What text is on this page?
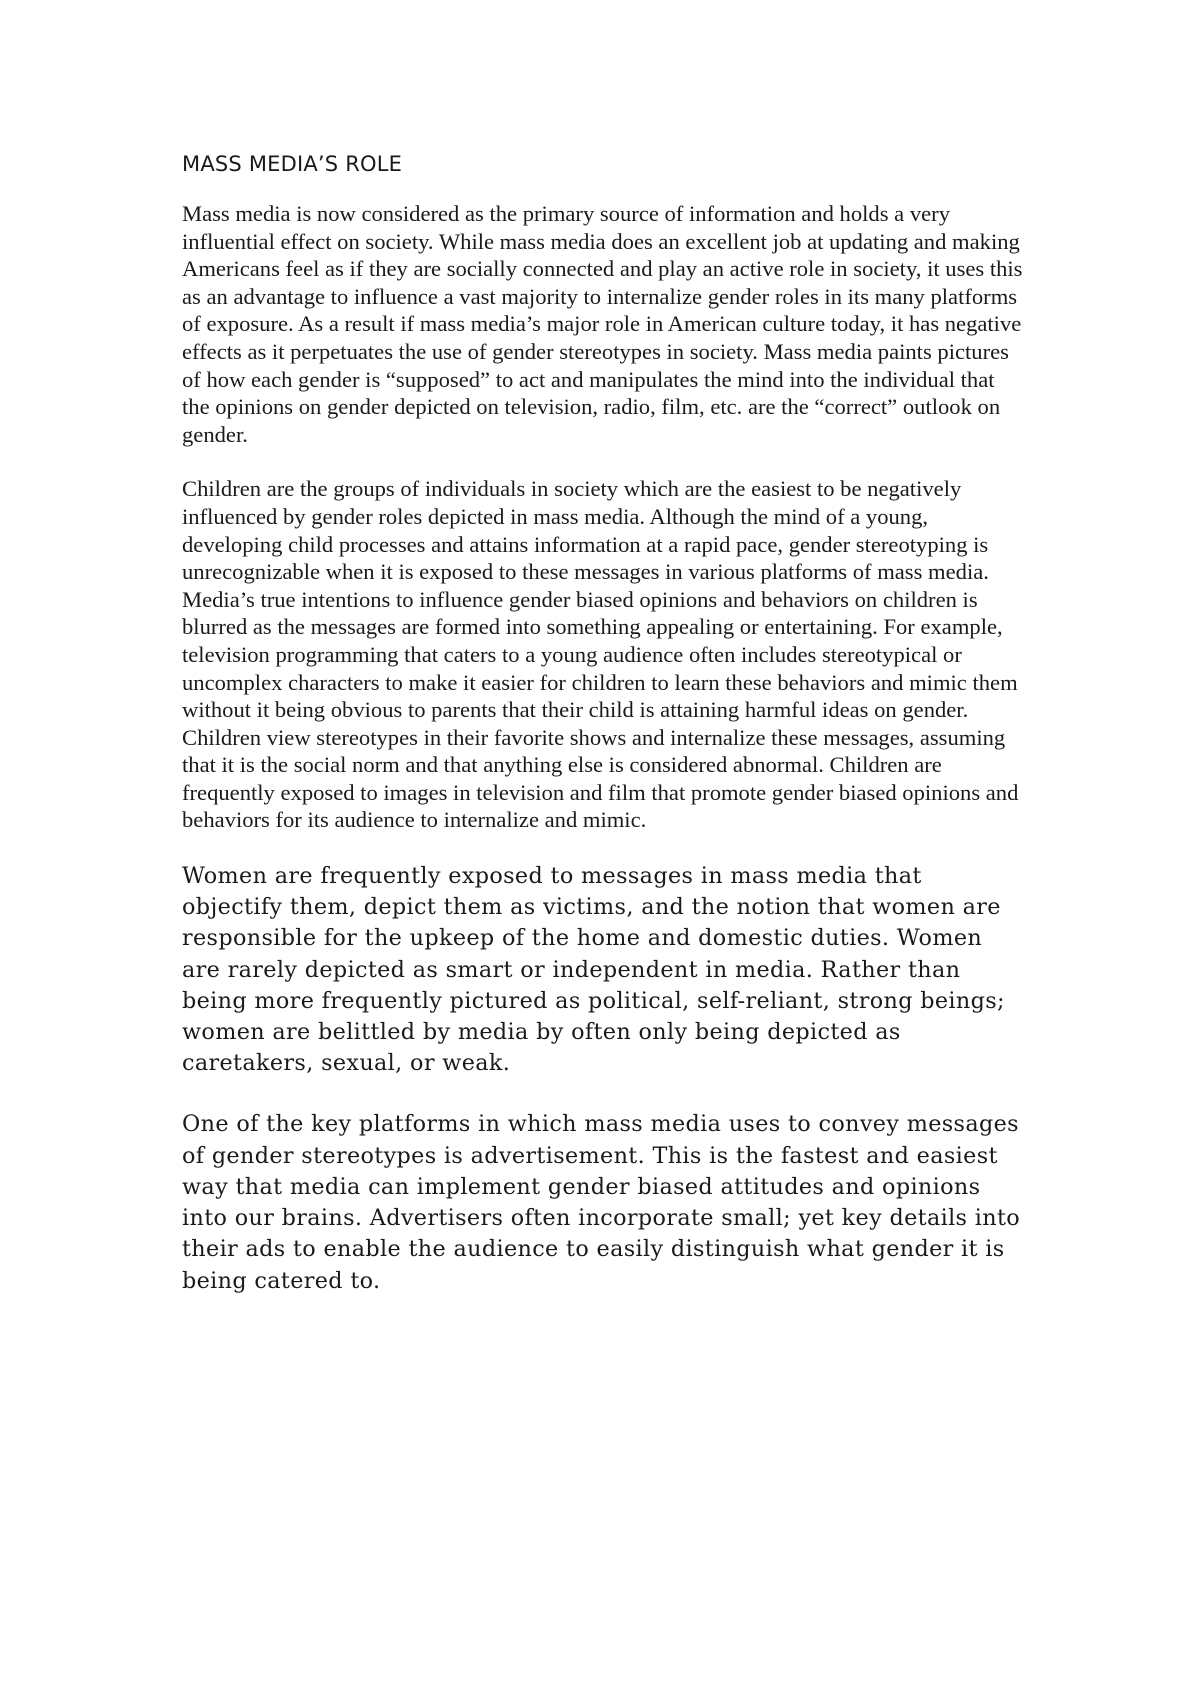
MASS MEDIA’S ROLE

Mass media is now considered as the primary source of information and holds a very influential effect on society. While mass media does an excellent job at updating and making Americans feel as if they are socially connected and play an active role in society, it uses this as an advantage to influence a vast majority to internalize gender roles in its many platforms of exposure. As a result if mass media’s major role in American culture today, it has negative effects as it perpetuates the use of gender stereotypes in society. Mass media paints pictures of how each gender is “supposed” to act and manipulates the mind into the individual that the opinions on gender depicted on television, radio, film, etc. are the “correct” outlook on gender.

Children are the groups of individuals in society which are the easiest to be negatively influenced by gender roles depicted in mass media. Although the mind of a young, developing child processes and attains information at a rapid pace, gender stereotyping is unrecognizable when it is exposed to these messages in various platforms of mass media. Media’s true intentions to influence gender biased opinions and behaviors on children is blurred as the messages are formed into something appealing or entertaining. For example, television programming that caters to a young audience often includes stereotypical or uncomplex characters to make it easier for children to learn these behaviors and mimic them without it being obvious to parents that their child is attaining harmful ideas on gender. Children view stereotypes in their favorite shows and internalize these messages, assuming that it is the social norm and that anything else is considered abnormal. Children are frequently exposed to images in television and film that promote gender biased opinions and behaviors for its audience to internalize and mimic.

Women are frequently exposed to messages in mass media that objectify them, depict them as victims, and the notion that women are responsible for the upkeep of the home and domestic duties. Women are rarely depicted as smart or independent in media. Rather than being more frequently pictured as political, self-reliant, strong beings; women are belittled by media by often only being depicted as caretakers, sexual, or weak.

One of the key platforms in which mass media uses to convey messages of gender stereotypes is advertisement. This is the fastest and easiest way that media can implement gender biased attitudes and opinions into our brains. Advertisers often incorporate small; yet key details into their ads to enable the audience to easily distinguish what gender it is being catered to.
